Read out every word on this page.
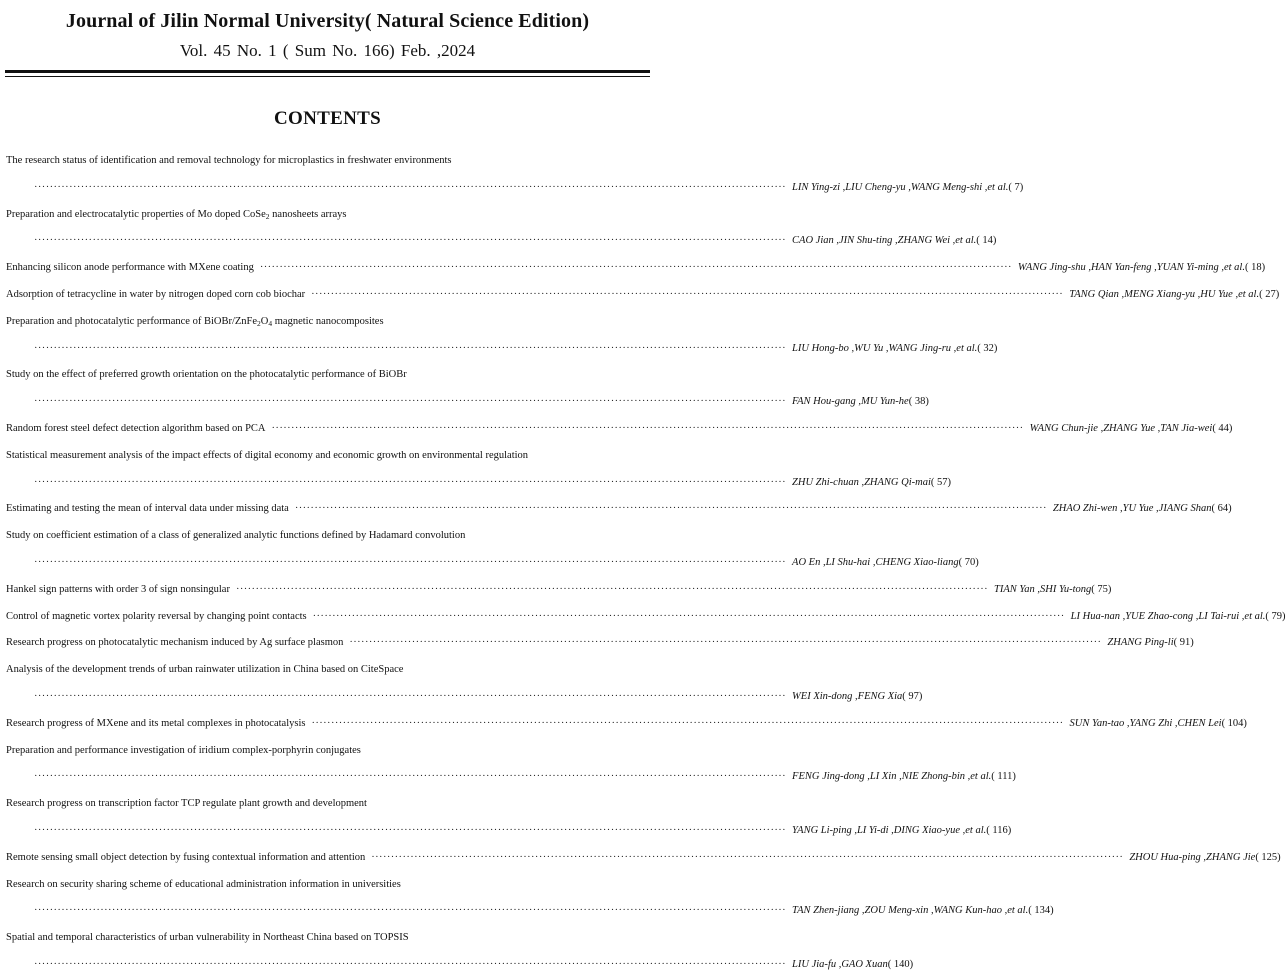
Journal of Jilin Normal University( Natural Science Edition)
Vol. 45 No. 1 ( Sum No. 166) Feb. ,2024
CONTENTS
The research status of identification and removal technology for microplastics in freshwater environments
································································································································································································· LIN Ying-zi ,LIU Cheng-yu ,WANG Meng-shi ,et al. ( 7)
Preparation and electrocatalytic properties of Mo doped CoSe$_2$ nanosheets arrays
································································································································································································· CAO Jian ,JIN Shu-ting ,ZHANG Wei ,et al. ( 14)
Enhancing silicon anode performance with MXene coating ································································································································································································· WANG Jing-shu ,HAN Yan-feng ,YUAN Yi-ming ,et al. ( 18)
Adsorption of tetracycline in water by nitrogen doped corn cob biochar ································································································································································································· TANG Qian ,MENG Xiang-yu ,HU Yue ,et al. ( 27)
Preparation and photocatalytic performance of BiOBr/$ZnFe_2O_4$ magnetic nanocomposites
································································································································································································· LIU Hong-bo ,WU Yu ,WANG Jing-ru ,et al. ( 32)
Study on the effect of preferred growth orientation on the photocatalytic performance of BiOBr
································································································································································································· FAN Hou-gang ,MU Yun-he ( 38)
Random forest steel defect detection algorithm based on PCA ································································································································································································· WANG Chun-jie ,ZHANG Yue ,TAN Jia-wei ( 44)
Statistical measurement analysis of the impact effects of digital economy and economic growth on environmental regulation
································································································································································································· ZHU Zhi-chuan ,ZHANG Qi-mai ( 57)
Estimating and testing the mean of interval data under missing data ································································································································································································· ZHAO Zhi-wen ,YU Yue ,JIANG Shan ( 64)
Study on coefficient estimation of a class of generalized analytic functions defined by Hadamard convolution
································································································································································································· AO En ,LI Shu-hai ,CHENG Xiao-liang ( 70)
Hankel sign patterns with order 3 of sign nonsingular ································································································································································································· TIAN Yan ,SHI Yu-tong ( 75)
Control of magnetic vortex polarity reversal by changing point contacts ································································································································································································· LI Hua-nan ,YUE Zhao-cong ,LI Tai-rui ,et al. ( 79)
Research progress on photocatalytic mechanism induced by Ag surface plasmon ································································································································································································· ZHANG Ping-li ( 91)
Analysis of the development trends of urban rainwater utilization in China based on CiteSpace
································································································································································································· WEI Xin-dong ,FENG Xia ( 97)
Research progress of MXene and its metal complexes in photocatalysis ································································································································································································· SUN Yan-tao ,YANG Zhi ,CHEN Lei ( 104)
Preparation and performance investigation of iridium complex-porphyrin conjugates
································································································································································································· FENG Jing-dong ,LI Xin ,NIE Zhong-bin ,et al. ( 111)
Research progress on transcription factor TCP regulate plant growth and development
································································································································································································· YANG Li-ping ,LI Yi-di ,DING Xiao-yue ,et al. ( 116)
Remote sensing small object detection by fusing contextual information and attention ································································································································································································· ZHOU Hua-ping ,ZHANG Jie ( 125)
Research on security sharing scheme of educational administration information in universities
································································································································································································· TAN Zhen-jiang ,ZOU Meng-xin ,WANG Kun-hao ,et al. ( 134)
Spatial and temporal characteristics of urban vulnerability in Northeast China based on TOPSIS
································································································································································································· LIU Jia-fu ,GAO Xuan ( 140)
